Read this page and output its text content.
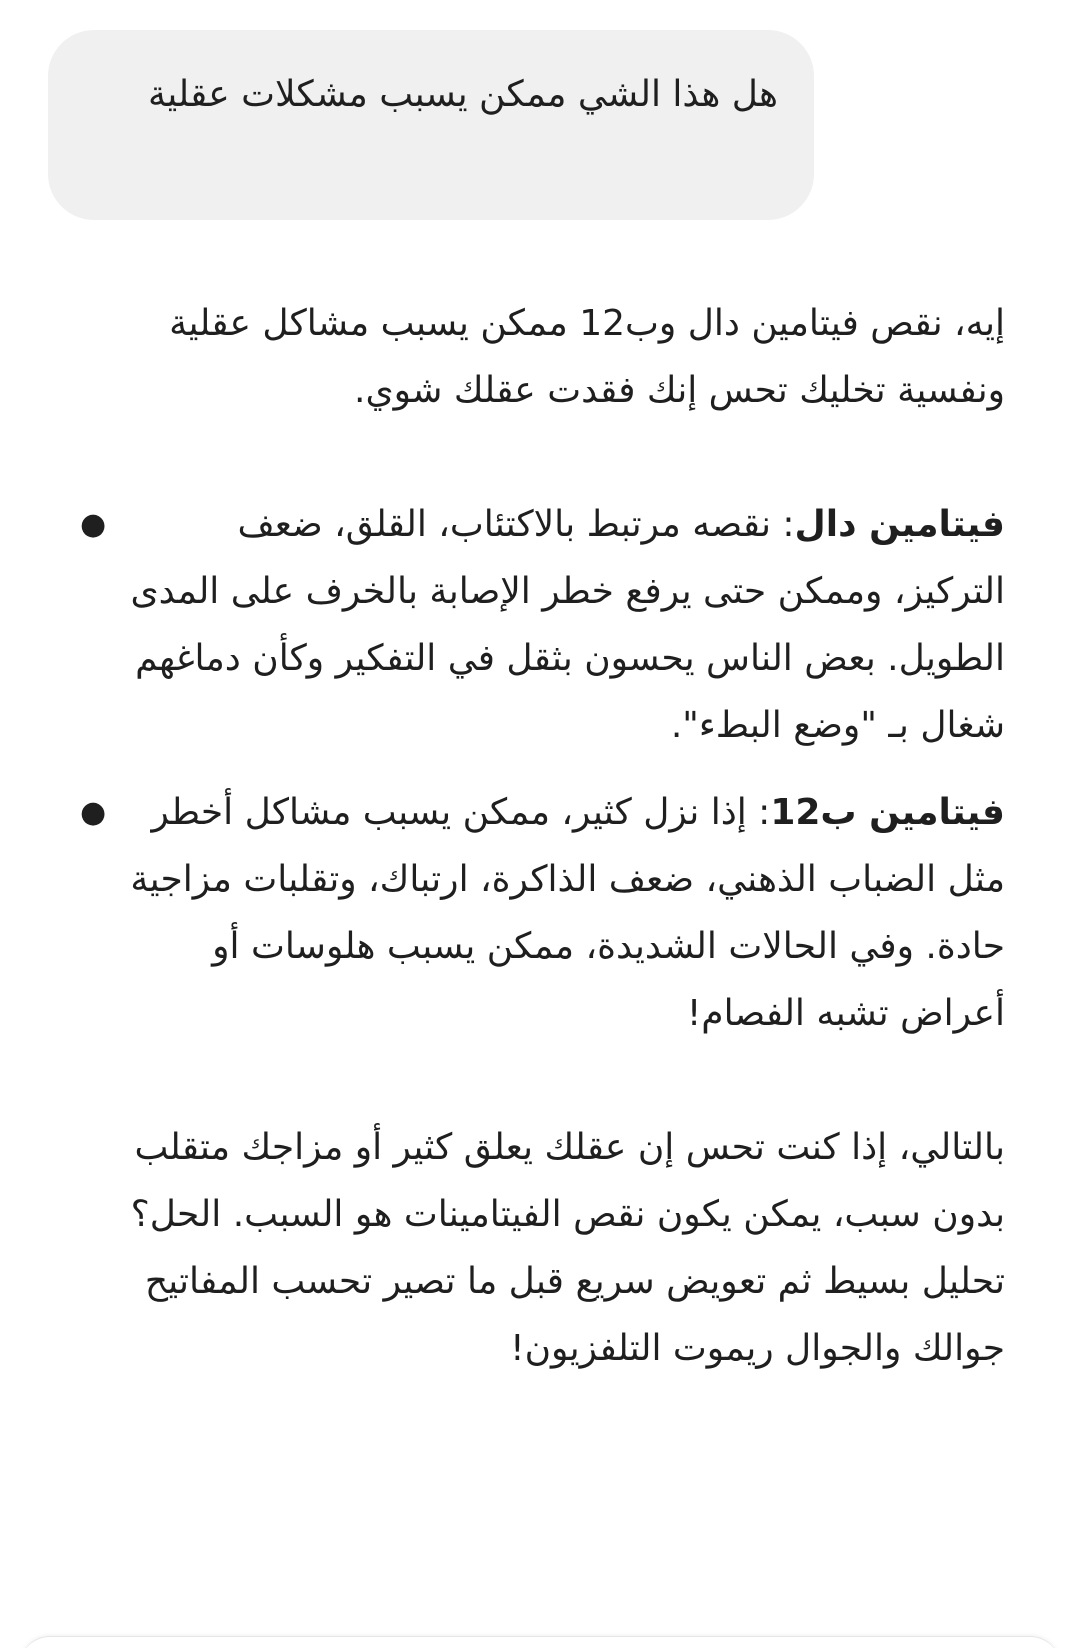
هل هذا الشي ممكن يسبب مشكلات عقلية

إيه، نقص فيتامين دال وب12 ممكن يسبب مشاكل عقلية ونفسية تخليك تحس إنك فقدت عقلك شوي.

●	فيتامين دال: نقصه مرتبط بالاكتئاب، القلق، ضعف التركيز، وممكن حتى يرفع خطر الإصابة بالخرف على المدى الطويل. بعض الناس يحسون بثقل في التفكير وكأن دماغهم شغال بـ "وضع البطء".
●	فيتامين ب12: إذا نزل كثير، ممكن يسبب مشاكل أخطر مثل الضباب الذهني، ضعف الذاكرة، ارتباك، وتقلبات مزاجية حادة. وفي الحالات الشديدة، ممكن يسبب هلوسات أو أعراض تشبه الفصام!

بالتالي، إذا كنت تحس إن عقلك يعلق كثير أو مزاجك متقلب بدون سبب، يمكن يكون نقص الفيتامينات هو السبب. الحل؟ تحليل بسيط ثم تعويض سريع قبل ما تصير تحسب المفاتيح جوالك والجوال ريموت التلفزيون!
